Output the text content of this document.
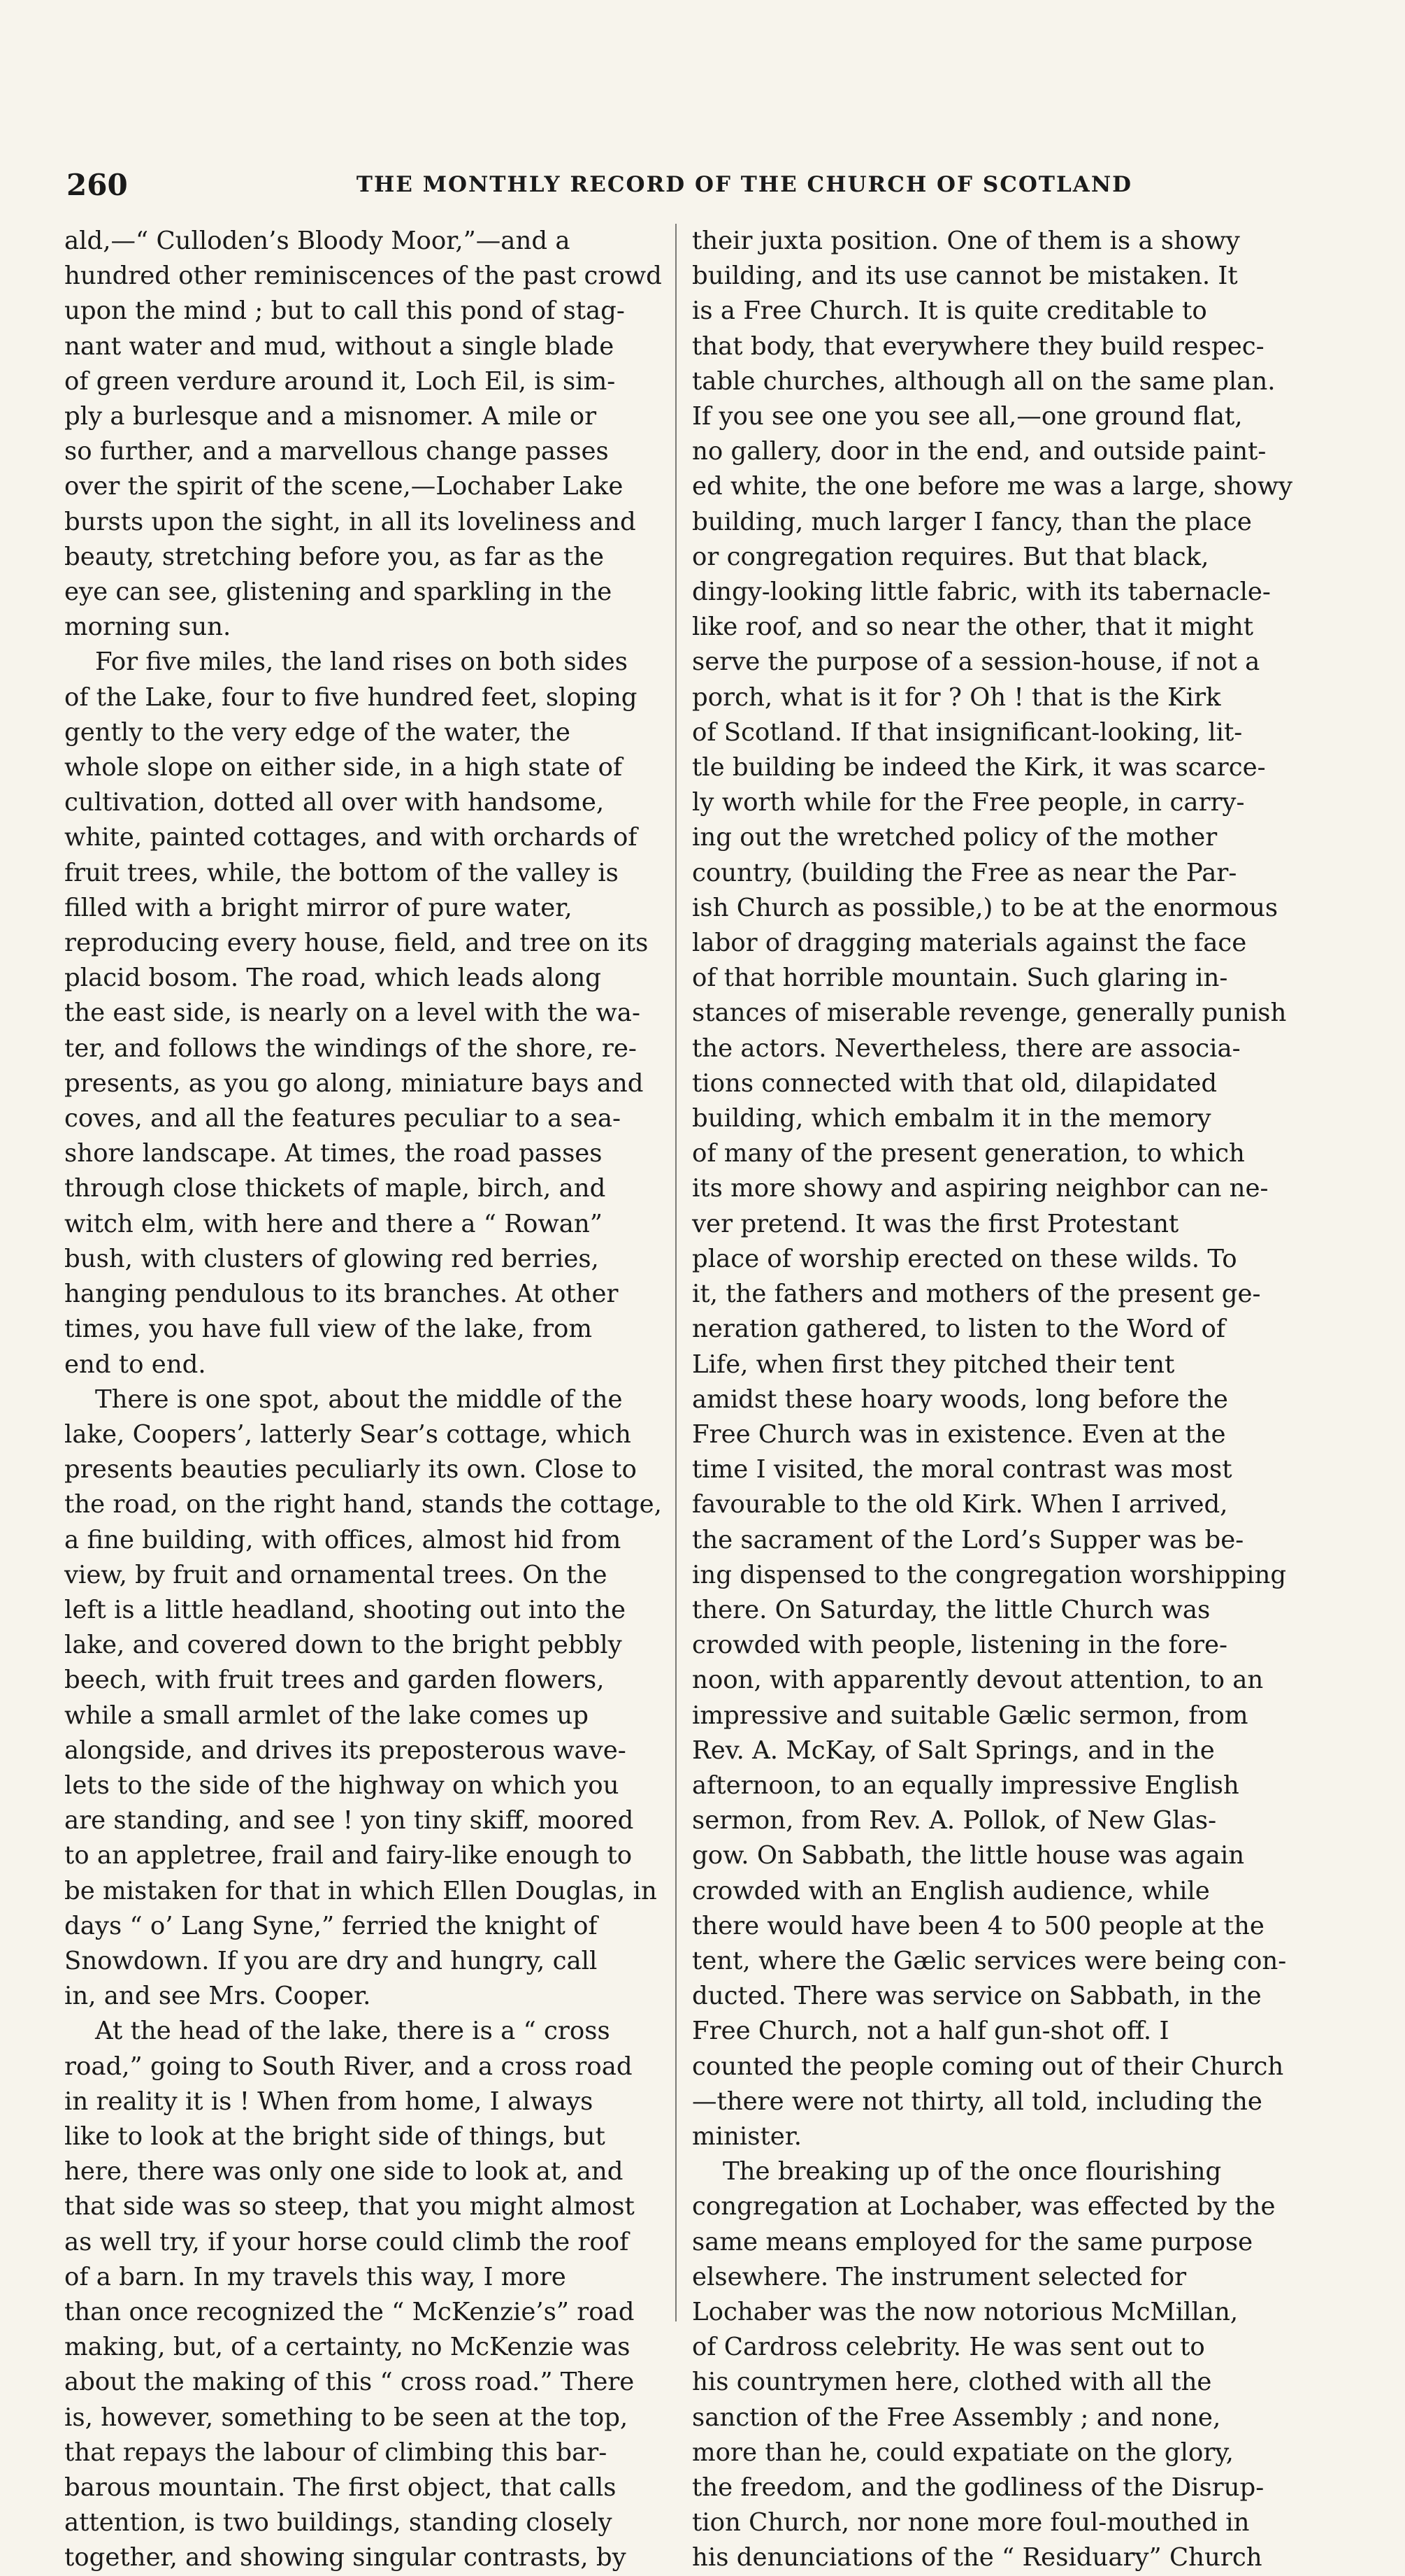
260	THE MONTHLY RECORD OF THE CHURCH OF SCOTLAND

ald,—“ Culloden’s Bloody Moor,”—and a
hundred other reminiscences of the past crowd
upon the mind ; but to call this pond of stag-
nant water and mud, without a single blade
of green verdure around it, Loch Eil, is sim-
ply a burlesque and a misnomer. A mile or
so further, and a marvellous change passes
over the spirit of the scene,—Lochaber Lake
bursts upon the sight, in all its loveliness and
beauty, stretching before you, as far as the
eye can see, glistening and sparkling in the
morning sun.

For five miles, the land rises on both sides
of the Lake, four to five hundred feet, sloping
gently to the very edge of the water, the
whole slope on either side, in a high state of
cultivation, dotted all over with handsome,
white, painted cottages, and with orchards of
fruit trees, while, the bottom of the valley is
filled with a bright mirror of pure water,
reproducing every house, field, and tree on its
placid bosom. The road, which leads along
the east side, is nearly on a level with the wa-
ter, and follows the windings of the shore, re-
presents, as you go along, miniature bays and
coves, and all the features peculiar to a sea-
shore landscape. At times, the road passes
through close thickets of maple, birch, and
witch elm, with here and there a “ Rowan”
bush, with clusters of glowing red berries,
hanging pendulous to its branches. At other
times, you have full view of the lake, from
end to end.

There is one spot, about the middle of the
lake, Coopers’, latterly Sear’s cottage, which
presents beauties peculiarly its own. Close to
the road, on the right hand, stands the cottage,
a fine building, with offices, almost hid from
view, by fruit and ornamental trees. On the
left is a little headland, shooting out into the
lake, and covered down to the bright pebbly
beech, with fruit trees and garden flowers,
while a small armlet of the lake comes up
alongside, and drives its preposterous wave-
lets to the side of the highway on which you
are standing, and see ! yon tiny skiff, moored
to an appletree, frail and fairy-like enough to
be mistaken for that in which Ellen Douglas, in
days “ o’ Lang Syne,” ferried the knight of
Snowdown. If you are dry and hungry, call
in, and see Mrs. Cooper.

At the head of the lake, there is a “ cross
road,” going to South River, and a cross road
in reality it is ! When from home, I always
like to look at the bright side of things, but
here, there was only one side to look at, and
that side was so steep, that you might almost
as well try, if your horse could climb the roof
of a barn. In my travels this way, I more
than once recognized the “ McKenzie’s” road
making, but, of a certainty, no McKenzie was
about the making of this “ cross road.” There
is, however, something to be seen at the top,
that repays the labour of climbing this bar-
barous mountain. The first object, that calls
attention, is two buildings, standing closely
together, and showing singular contrasts, by

their juxta position. One of them is a showy
building, and its use cannot be mistaken. It
is a Free Church. It is quite creditable to
that body, that everywhere they build respec-
table churches, although all on the same plan.
If you see one you see all,—one ground flat,
no gallery, door in the end, and outside paint-
ed white, the one before me was a large, showy
building, much larger I fancy, than the place
or congregation requires. But that black,
dingy-looking little fabric, with its tabernacle-
like roof, and so near the other, that it might
serve the purpose of a session-house, if not a
porch, what is it for ? Oh ! that is the Kirk
of Scotland. If that insignificant-looking, lit-
tle building be indeed the Kirk, it was scarce-
ly worth while for the Free people, in carry-
ing out the wretched policy of the mother
country, (building the Free as near the Par-
ish Church as possible,) to be at the enormous
labor of dragging materials against the face
of that horrible mountain. Such glaring in-
stances of miserable revenge, generally punish
the actors. Nevertheless, there are associa-
tions connected with that old, dilapidated
building, which embalm it in the memory
of many of the present generation, to which
its more showy and aspiring neighbor can ne-
ver pretend. It was the first Protestant
place of worship erected on these wilds. To
it, the fathers and mothers of the present ge-
neration gathered, to listen to the Word of
Life, when first they pitched their tent
amidst these hoary woods, long before the
Free Church was in existence. Even at the
time I visited, the moral contrast was most
favourable to the old Kirk. When I arrived,
the sacrament of the Lord’s Supper was be-
ing dispensed to the congregation worshipping
there. On Saturday, the little Church was
crowded with people, listening in the fore-
noon, with apparently devout attention, to an
impressive and suitable Gælic sermon, from
Rev. A. McKay, of Salt Springs, and in the
afternoon, to an equally impressive English
sermon, from Rev. A. Pollok, of New Glas-
gow. On Sabbath, the little house was again
crowded with an English audience, while
there would have been 4 to 500 people at the
tent, where the Gælic services were being con-
ducted. There was service on Sabbath, in the
Free Church, not a half gun-shot off. I
counted the people coming out of their Church
—there were not thirty, all told, including the
minister.

The breaking up of the once flourishing
congregation at Lochaber, was effected by the
same means employed for the same purpose
elsewhere. The instrument selected for
Lochaber was the now notorious McMillan,
of Cardross celebrity. He was sent out to
his countrymen here, clothed with all the
sanction of the Free Assembly ; and none,
more than he, could expatiate on the glory,
the freedom, and the godliness of the Disrup-
tion Church, nor none more foul-mouthed in
his denunciations of the “ Residuary” Church
